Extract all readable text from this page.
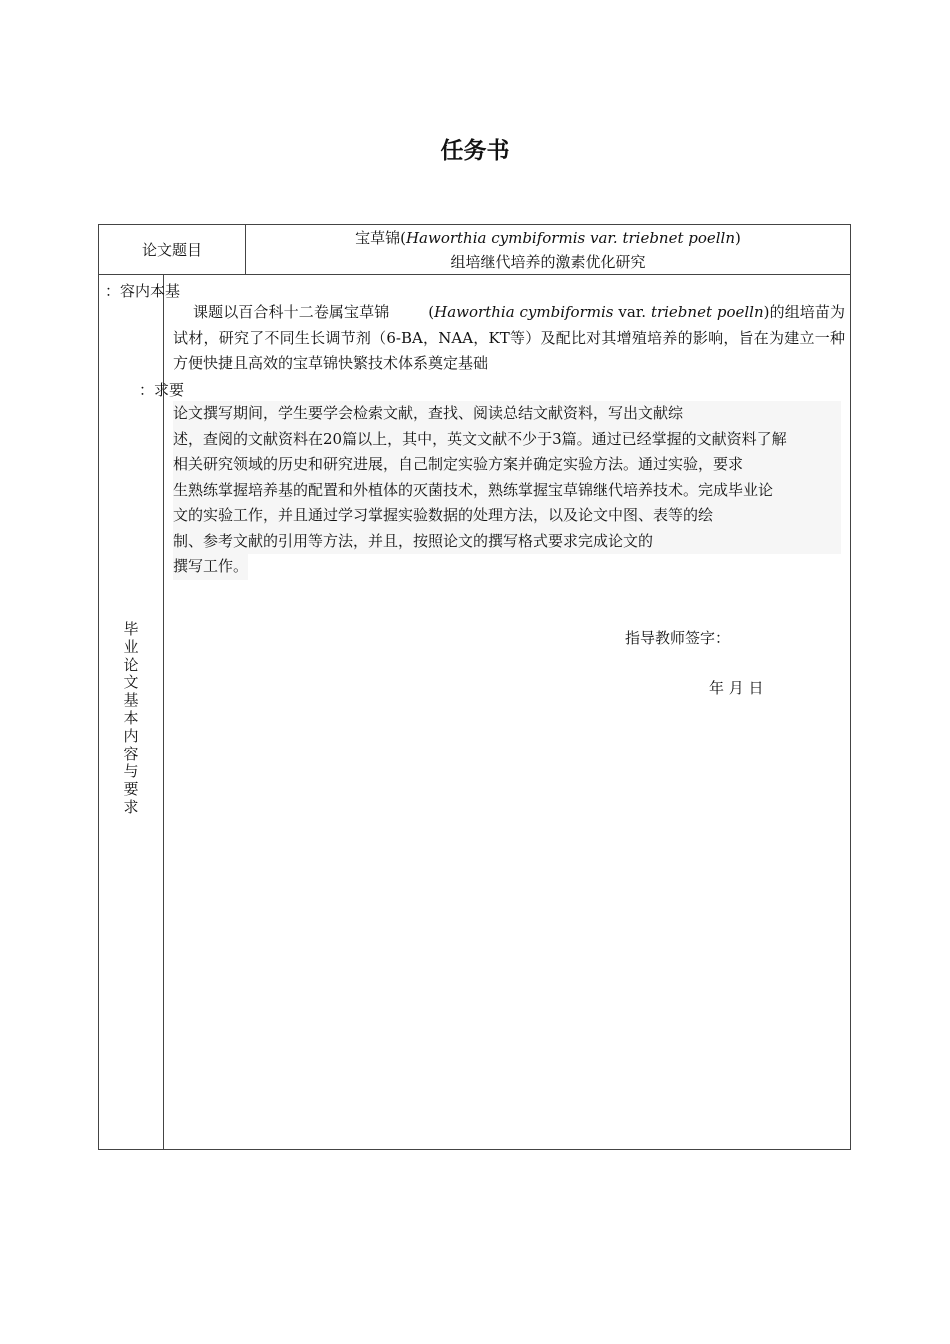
任务书
论文题目
宝草锦(Haworthia cymbiformis var. triebnet poelln)
组培继代培养的激素优化研究
毕
业
论
文
基
本
内
容
与
要
求
：容内本基
课题以百合科十二卷属宝草锦        (Haworthia cymbiformis var. triebnet poelln)的组培苗为试材，研究了不同生长调节剂（6-BA，NAA，KT等）及配比对其增殖培养的影响，旨在为建立一种方便快捷且高效的宝草锦快繁技术体系奠定基础
：求要
论文撰写期间，学生要学会检索文献，查找、阅读总结文献资料，写出文献综
述，查阅的文献资料在20篇以上，其中，英文文献不少于3篇。通过已经掌握的文献资料了解
相关研究领域的历史和研究进展，自己制定实验方案并确定实验方法。通过实验，要求
生熟练掌握培养基的配置和外植体的灭菌技术，熟练掌握宝草锦继代培养技术。完成毕业论
文的实验工作，并且通过学习掌握实验数据的处理方法，以及论文中图、表等的绘
制、参考文献的引用等方法，并且，按照论文的撰写格式要求完成论文的
撰写工作。
指导教师签字：
年 月 日
